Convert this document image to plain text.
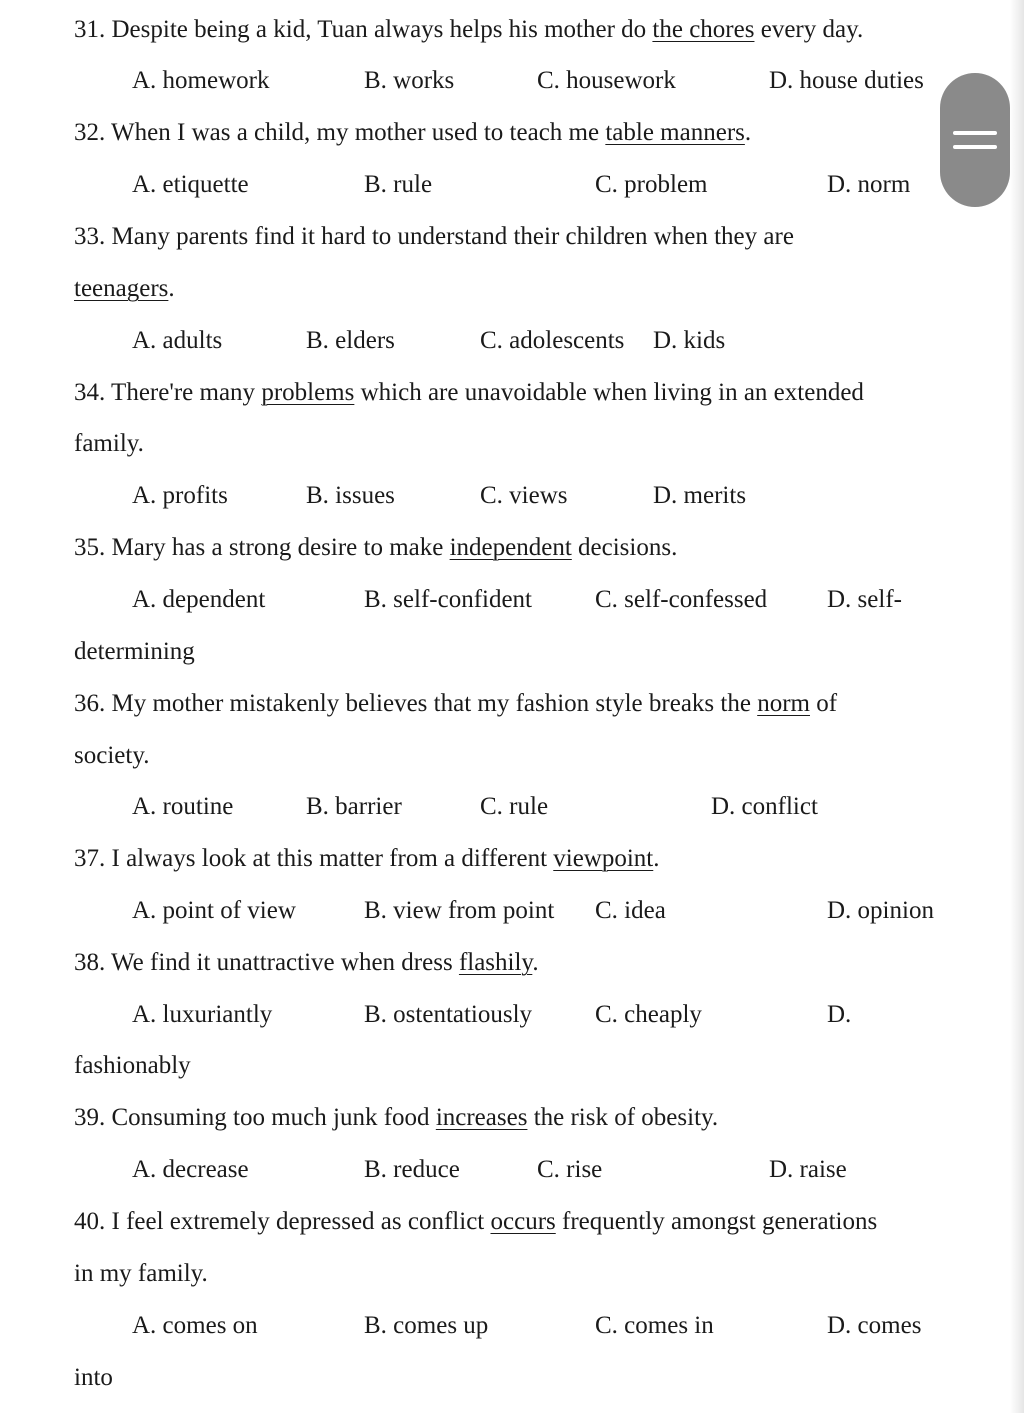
31. Despite being a kid, Tuan always helps his mother do the chores every day.
A. homework	B. works	C. housework	D. house duties
32. When I was a child, my mother used to teach me table manners.
A. etiquette	B. rule	C. problem	D. norm
33. Many parents find it hard to understand their children when they are
teenagers.
A. adults	B. elders	C. adolescents D. kids
34. There're many problems which are unavoidable when living in an extended
family.
A. profits	B. issues	C. views	D. merits
35. Mary has a strong desire to make independent decisions.
A. dependent	B. self-confident	C. self-confessed D. self-
determining
36. My mother mistakenly believes that my fashion style breaks the norm of
society.
A. routine	B. barrier	C. rule	D. conflict
37. I always look at this matter from a different viewpoint.
A. point of view	B. view from point C. idea	D. opinion
38. We find it unattractive when dress flashily.
A. luxuriantly	B. ostentatiously	C. cheaply	D.
fashionably
39. Consuming too much junk food increases the risk of obesity.
A. decrease	B. reduce	C. rise	D. raise
40. I feel extremely depressed as conflict occurs frequently amongst generations
in my family.
A. comes on	B. comes up	C. comes in	D. comes
into
